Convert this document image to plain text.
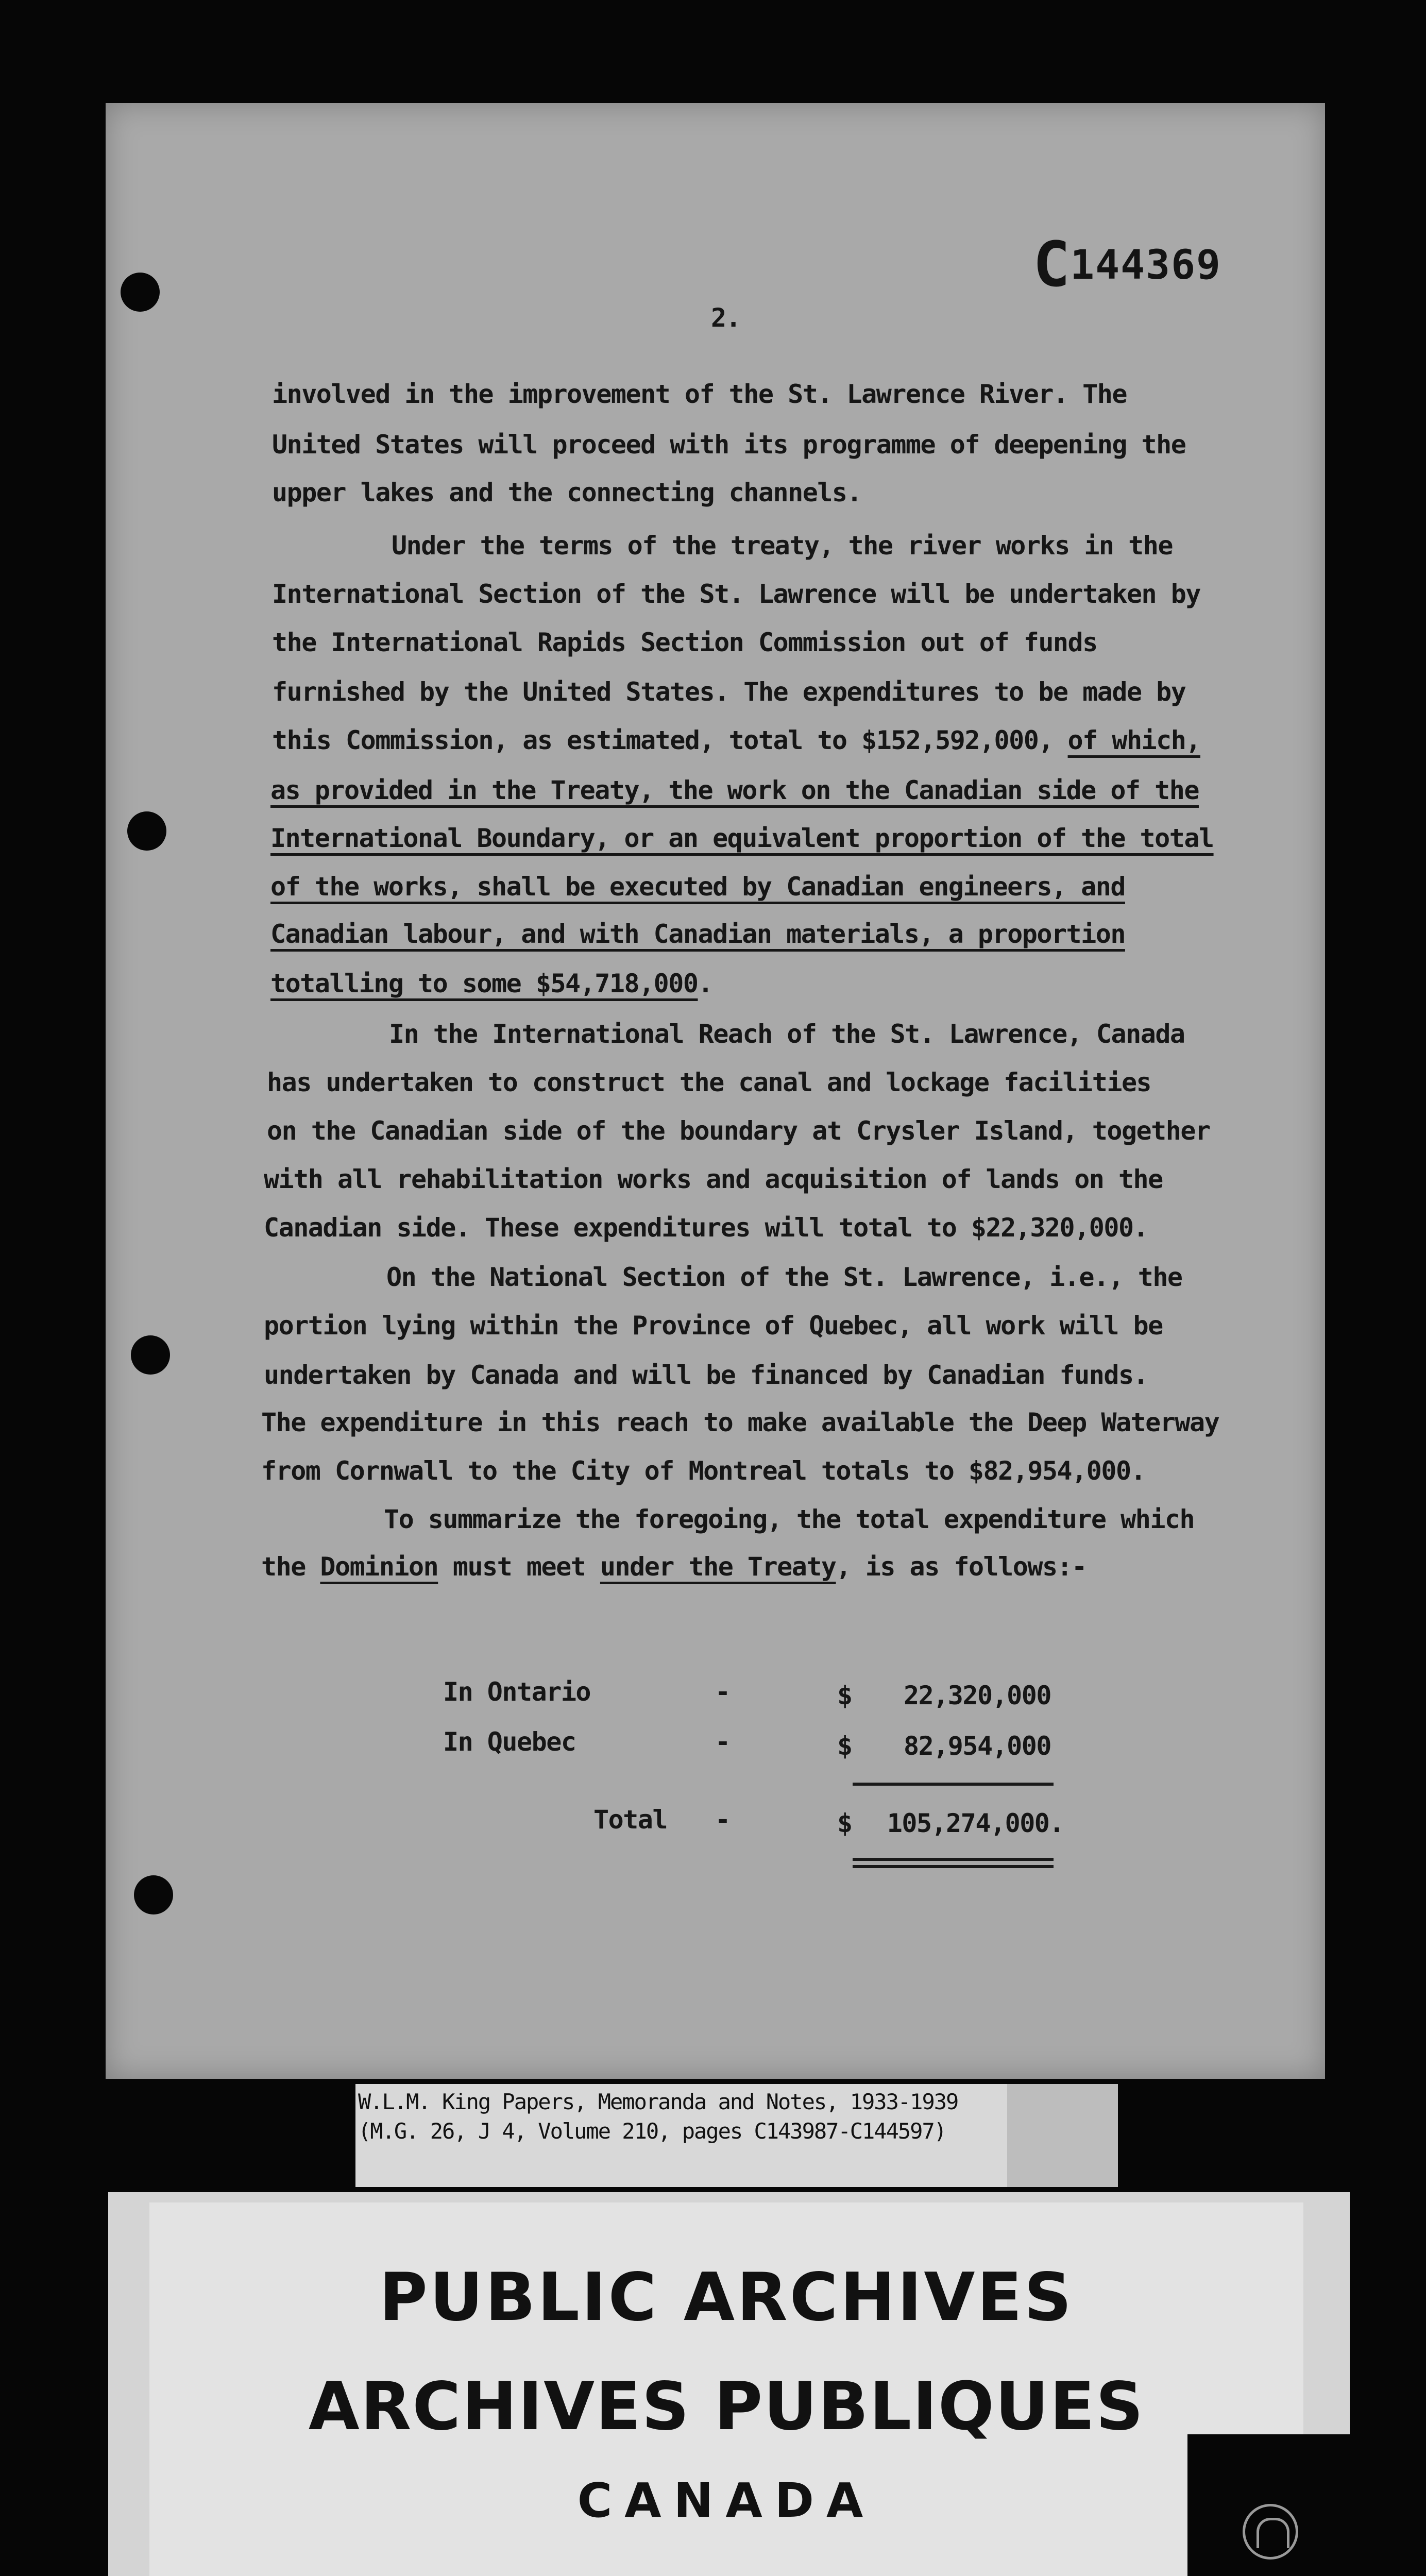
C144369
2.
involved in the improvement of the St. Lawrence River. The
United States will proceed with its programme of deepening the
upper lakes and the connecting channels.
Under the terms of the treaty, the river works in the
International Section of the St. Lawrence will be undertaken by
the International Rapids Section Commission out of funds
furnished by the United States. The expenditures to be made by
this Commission, as estimated, total to $152,592,000, of which,
as provided in the Treaty, the work on the Canadian side of the
International Boundary, or an equivalent proportion of the total
of the works, shall be executed by Canadian engineers, and
Canadian labour, and with Canadian materials, a proportion
totalling to some $54,718,000.
In the International Reach of the St. Lawrence, Canada
has undertaken to construct the canal and lockage facilities
on the Canadian side of the boundary at Crysler Island, together
with all rehabilitation works and acquisition of lands on the
Canadian side. These expenditures will total to $22,320,000.
On the National Section of the St. Lawrence, i.e., the
portion lying within the Province of Quebec, all work will be
undertaken by Canada and will be financed by Canadian funds.
The expenditure in this reach to make available the Deep Waterway
from Cornwall to the City of Montreal totals to $82,954,000.
To summarize the foregoing, the total expenditure which
the Dominion must meet under the Treaty, is as follows:-
In Ontario	-	$	22,320,000
In Quebec	-	$	82,954,000
Total -	$	105,274,000.
W.L.M. King Papers, Memoranda and Notes, 1933-1939
(M.G. 26, J 4, Volume 210, pages C143987-C144597)
PUBLIC ARCHIVES
ARCHIVES PUBLIQUES
CANADA
